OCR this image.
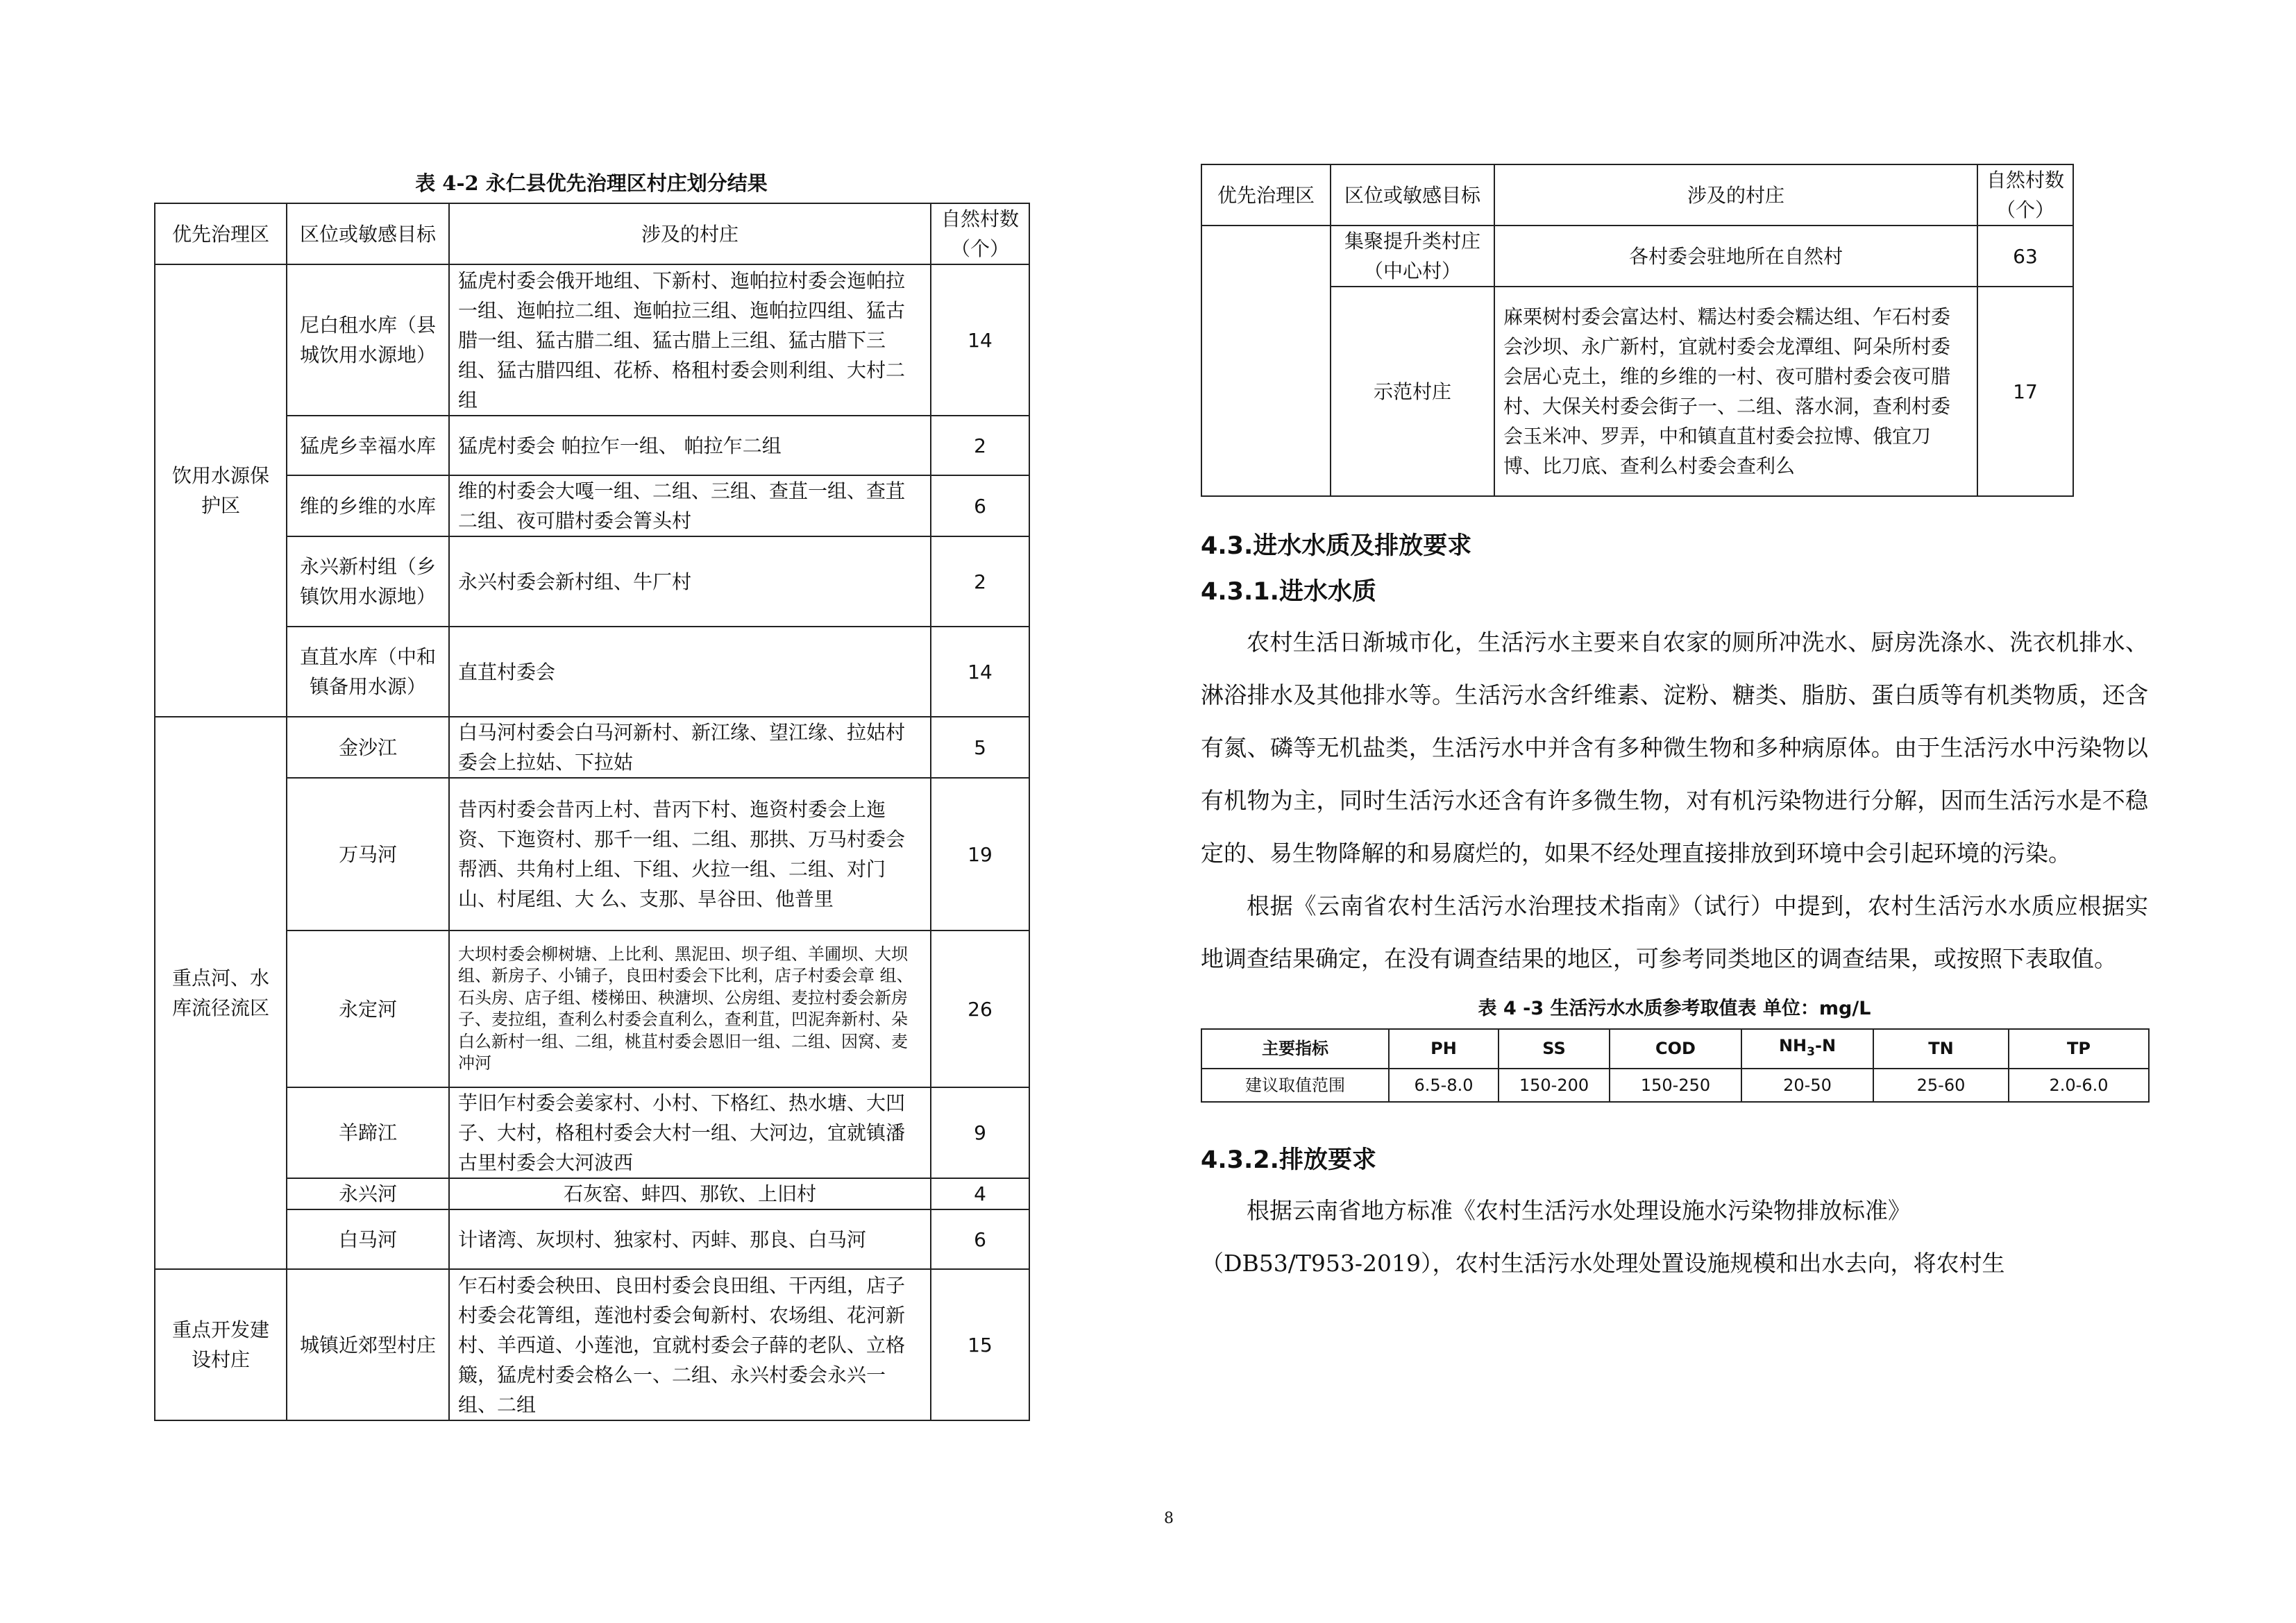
表 4-2 永仁县优先治理区村庄划分结果
优先治理区	区位或敏感目标	涉及的村庄	自然村数（个）
饮用水源保护区	尼白租水库（县城饮用水源地）	猛虎村委会俄开地组、下新村、迤帕拉村委会迤帕拉一组、迤帕拉二组、迤帕拉三组、迤帕拉四组、猛古腊一组、猛古腊二组、猛古腊上三组、猛古腊下三组、猛古腊四组、花桥、格租村委会则利组、大村二组	14
	猛虎乡幸福水库	猛虎村委会 帕拉乍一组、 帕拉乍二组	2
	维的乡维的水库	维的村委会大嘎一组、二组、三组、查苴一组、查苴二组、夜可腊村委会箐头村	6
	永兴新村组（乡镇饮用水源地）	永兴村委会新村组、牛厂村	2
	直苴水库（中和镇备用水源）	直苴村委会	14
重点河、水库流径流区	金沙江	白马河村委会白马河新村、新江缘、望江缘、拉姑村委会上拉姑、下拉姑	5
	万马河	昔丙村委会昔丙上村、昔丙下村、迤资村委会上迤资、下迤资村、那千一组、二组、那拱、万马村委会帮洒、共角村上组、下组、火拉一组、二组、对门山、村尾组、大 么、支那、旱谷田、他普里	19
	永定河	大坝村委会柳树塘、上比利、黑泥田、坝子组、羊圃坝、大坝组、新房子、小铺子，良田村委会下比利，店子村委会章 组、石头房、店子组、楼梯田、秧溏坝、公房组、麦拉村委会新房子、麦拉组，查利么村委会直利么，查利苴，凹泥奔新村、朵白么新村一组、二组，桃苴村委会恩旧一组、二组、因窝、麦冲河	26
	羊蹄江	芋旧乍村委会姜家村、小村、下格红、热水塘、大凹子、大村，格租村委会大村一组、大河边，宜就镇潘古里村委会大河波西	9
	永兴河	石灰窑、蚌四、那钦、上旧村	4
	白马河	计诸湾、灰坝村、独家村、丙蚌、那良、白马河	6
重点开发建设村庄	城镇近郊型村庄	乍石村委会秧田、良田村委会良田组、干丙组，店子村委会花箐组，莲池村委会甸新村、农场组、花河新村、羊西道、小莲池，宜就村委会子薛的老队、立格簸，猛虎村委会格么一、二组、永兴村委会永兴一组、二组	15
优先治理区	区位或敏感目标	涉及的村庄	自然村数（个）
	集聚提升类村庄（中心村）	各村委会驻地所在自然村	63
	示范村庄	麻栗树村委会富达村、糯达村委会糯达组、乍石村委会沙坝、永广新村，宜就村委会龙潭组、阿朵所村委会居心克土，维的乡维的一村、夜可腊村委会夜可腊村、大保关村委会街子一、二组、落水洞，查利村委会玉米冲、罗弄，中和镇直苴村委会拉博、俄宜刀博、比刀底、查利么村委会查利么	17
4.3.进水水质及排放要求
4.3.1.进水水质

农村生活日渐城市化，生活污水主要来自农家的厕所冲洗水、厨房洗涤水、洗衣机排水、淋浴排水及其他排水等。生活污水含纤维素、淀粉、糖类、脂肪、蛋白质等有机类物质，还含有氮、磷等无机盐类，生活污水中并含有多种微生物和多种病原体。由于生活污水中污染物以有机物为主，同时生活污水还含有许多微生物，对有机污染物进行分解，因而生活污水是不稳定的、易生物降解的和易腐烂的，如果不经处理直接排放到环境中会引起环境的污染。

根据《云南省农村生活污水治理技术指南》（试行）中提到，农村生活污水水质应根据实地调查结果确定，在没有调查结果的地区，可参考同类地区的调查结果，或按照下表取值。

表 4 -3 生活污水水质参考取值表 单位：mg/L
主要指标	PH	SS	COD	$NH_3-N$	TN	TP
建议取值范围	6.5-8.0	150-200	150-250	20-50	25-60	2.0-6.0
4.3.2.排放要求

根据云南省地方标准《农村生活污水处理设施水污染物排放标准》

（DB53/T953-2019），农村生活污水处理处置设施规模和出水去向，将农村生

8
